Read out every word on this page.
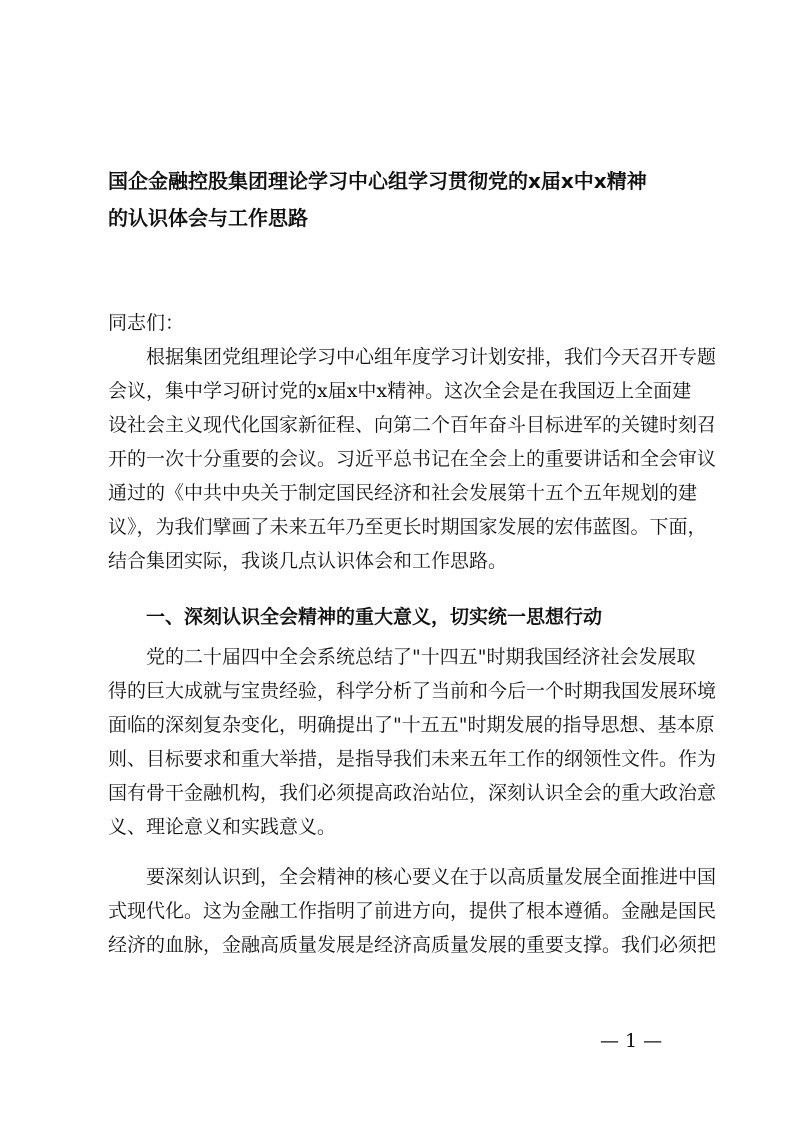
国企金融控股集团理论学习中心组学习贯彻党的x届x中x精神
的认识体会与工作思路

同志们：

　　根据集团党组理论学习中心组年度学习计划安排，我们今天召开专题
会议，集中学习研讨党的x届x中x精神。这次全会是在我国迈上全面建
设社会主义现代化国家新征程、向第二个百年奋斗目标进军的关键时刻召
开的一次十分重要的会议。习近平总书记在全会上的重要讲话和全会审议
通过的《中共中央关于制定国民经济和社会发展第十五个五年规划的建
议》，为我们擘画了未来五年乃至更长时期国家发展的宏伟蓝图。下面，
结合集团实际，我谈几点认识体会和工作思路。

　　一、深刻认识全会精神的重大意义，切实统一思想行动

　　党的二十届四中全会系统总结了"十四五"时期我国经济社会发展取
得的巨大成就与宝贵经验，科学分析了当前和今后一个时期我国发展环境
面临的深刻复杂变化，明确提出了"十五五"时期发展的指导思想、基本原
则、目标要求和重大举措，是指导我们未来五年工作的纲领性文件。作为
国有骨干金融机构，我们必须提高政治站位，深刻认识全会的重大政治意
义、理论意义和实践意义。

　　要深刻认识到，全会精神的核心要义在于以高质量发展全面推进中国
式现代化。这为金融工作指明了前进方向，提供了根本遵循。金融是国民
经济的血脉，金融高质量发展是经济高质量发展的重要支撑。我们必须把

— 1 —
